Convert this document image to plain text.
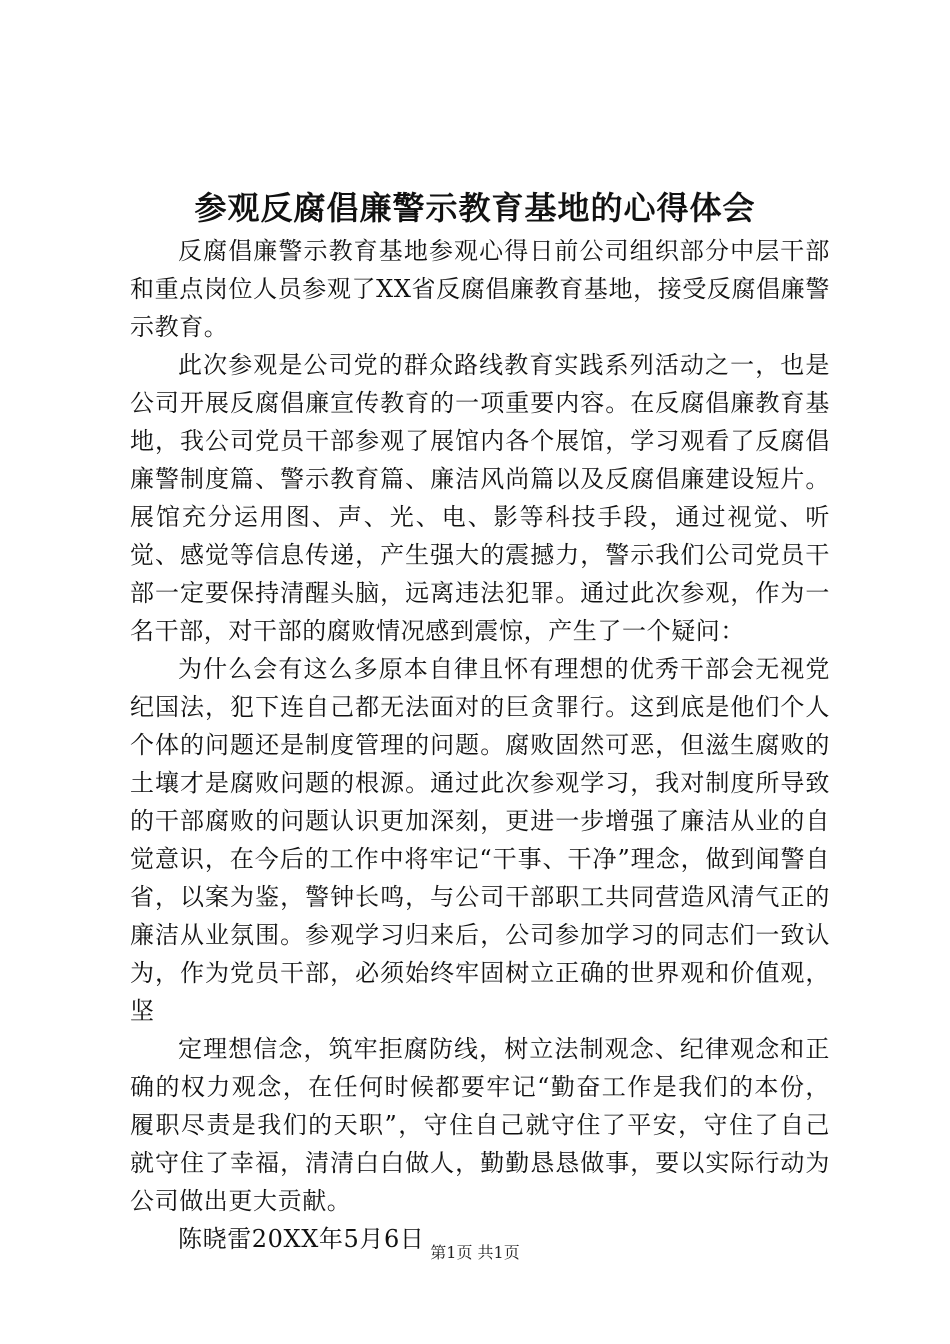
参观反腐倡廉警示教育基地的心得体会

反腐倡廉警示教育基地参观心得日前公司组织部分中层干部和重点岗位人员参观了XX省反腐倡廉教育基地，接受反腐倡廉警示教育。

此次参观是公司党的群众路线教育实践系列活动之一，也是公司开展反腐倡廉宣传教育的一项重要内容。在反腐倡廉教育基地，我公司党员干部参观了展馆内各个展馆，学习观看了反腐倡廉警制度篇、警示教育篇、廉洁风尚篇以及反腐倡廉建设短片。展馆充分运用图、声、光、电、影等科技手段，通过视觉、听觉、感觉等信息传递，产生强大的震撼力，警示我们公司党员干部一定要保持清醒头脑，远离违法犯罪。通过此次参观，作为一名干部，对干部的腐败情况感到震惊，产生了一个疑问：

为什么会有这么多原本自律且怀有理想的优秀干部会无视党纪国法，犯下连自己都无法面对的巨贪罪行。这到底是他们个人个体的问题还是制度管理的问题。腐败固然可恶，但滋生腐败的土壤才是腐败问题的根源。通过此次参观学习，我对制度所导致的干部腐败的问题认识更加深刻，更进一步增强了廉洁从业的自觉意识，在今后的工作中将牢记“干事、干净”理念，做到闻警自省，以案为鉴，警钟长鸣，与公司干部职工共同营造风清气正的廉洁从业氛围。参观学习归来后，公司参加学习的同志们一致认为，作为党员干部，必须始终牢固树立正确的世界观和价值观，坚

定理想信念，筑牢拒腐防线，树立法制观念、纪律观念和正确的权力观念，在任何时候都要牢记“勤奋工作是我们的本份，履职尽责是我们的天职”，守住自己就守住了平安，守住了自己就守住了幸福，清清白白做人，勤勤恳恳做事，要以实际行动为公司做出更大贡献。

陈晓雷20XX年5月6日 第1页 共1页
